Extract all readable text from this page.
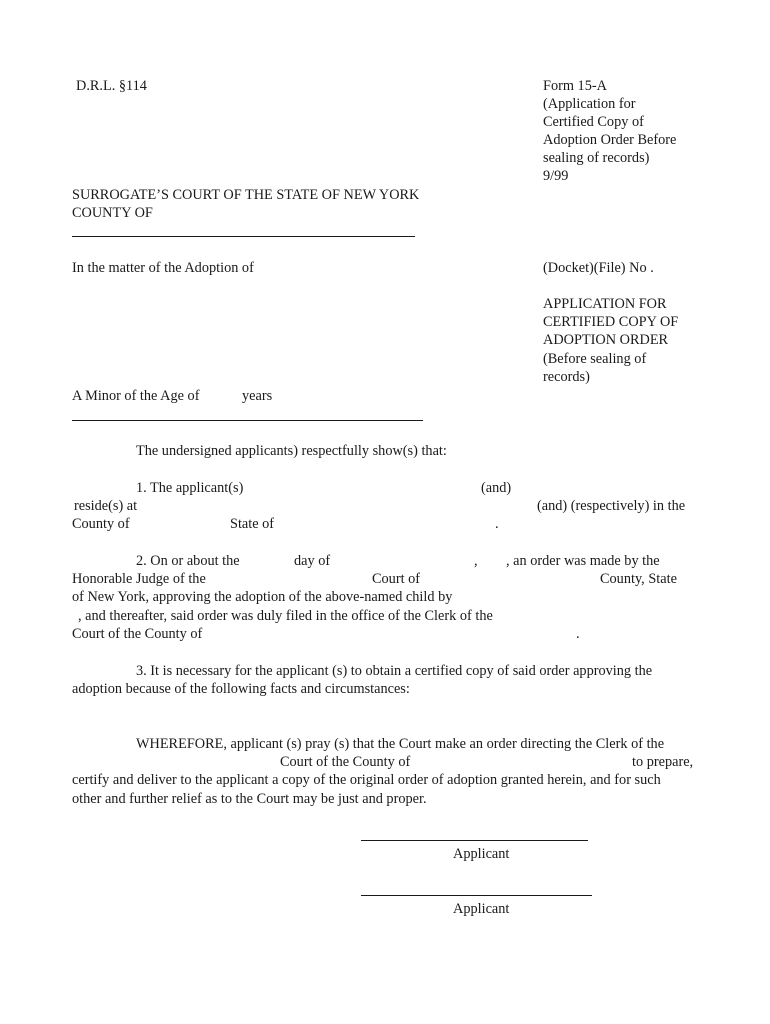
D.R.L. §114	Form 15-A
(Application for
Certified Copy of
Adoption Order Before
sealing of records)
9/99
SURROGATE’S COURT OF THE STATE OF NEW YORK
COUNTY OF
In the matter of the Adoption of	(Docket)(File) No .
APPLICATION FOR
CERTIFIED COPY OF
ADOPTION ORDER
(Before sealing of
records)
A Minor of the Age of	years
The undersigned applicants) respectfully show(s) that:
1. The applicant(s)	(and)
reside(s) at	(and) (respectively) in the
County of	State of	.
2. On or about the	day of	, , an order was made by the
Honorable Judge of the	Court of	County, State
of New York, approving the adoption of the above-named child by
, and thereafter, said order was duly filed in the office of the Clerk of the
Court of the County of	.
3. It is necessary for the applicant (s) to obtain a certified copy of said order approving the
adoption because of the following facts and circumstances:
WHEREFORE, applicant (s) pray (s) that the Court make an order directing the Clerk of the
Court of the County of	to prepare,
certify and deliver to the applicant a copy of the original order of adoption granted herein, and for such
other and further relief as to the Court may be just and proper.
Applicant
Applicant
